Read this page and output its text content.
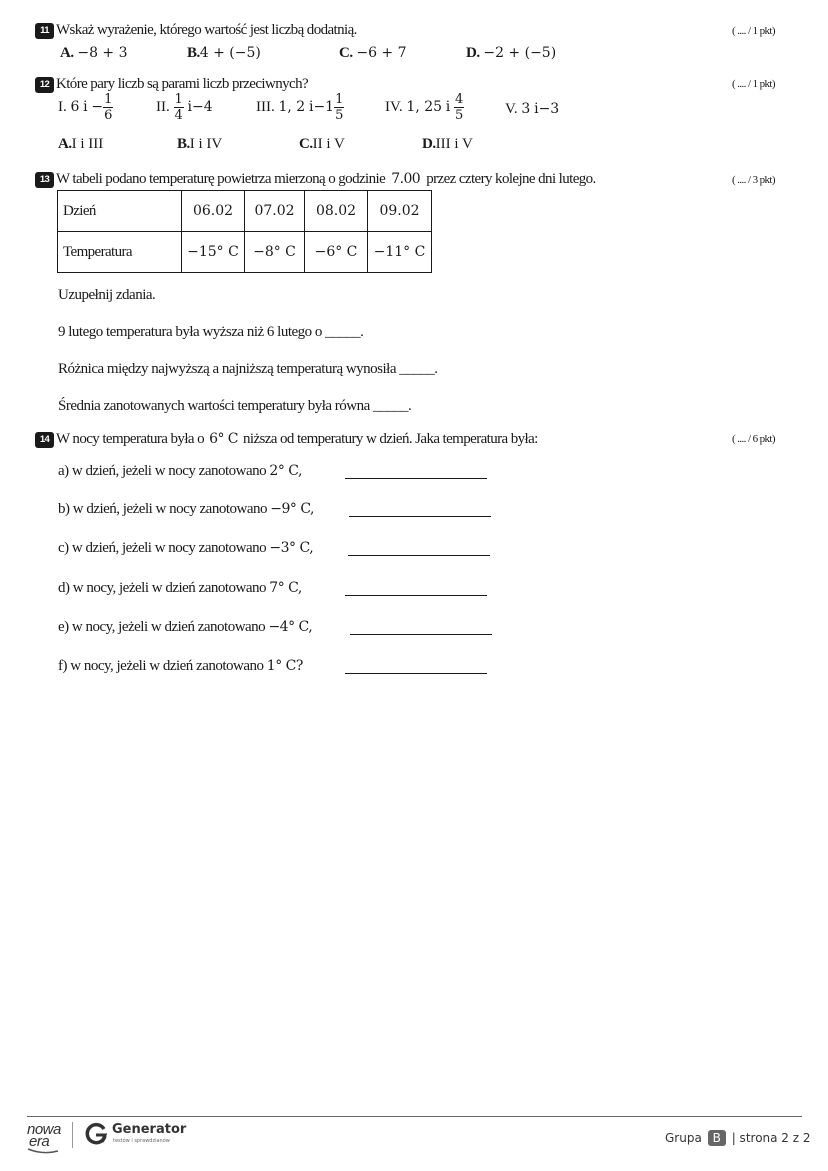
11 Wskaż wyrażenie, którego wartość jest liczbą dodatnią.	( .... / 1 pkt)
A. −8 + 3	B.4 + (−5)	C. −6 + 7	D. −2 + (−5)
12 Które pary liczb są parami liczb przeciwnych?	( .... / 1 pkt)
I. 6 $i - \frac{1}{6}$	II. $\frac{1}{4} i-4$	III. 1, 2 $i-1 \frac{1}{5}$	IV. 1, 25 i $\frac{4}{5}$	V. 3 i−3
A.I i III	B.I i IV	C.II i V	D.III i V
13 W tabeli podano temperaturę powietrza mierzoną o godzinie 7.00 przez cztery kolejne dni lutego.	( .... / 3 pkt)
Dzień	06.02	07.02	08.02	09.02
Temperatura	−15° C	−8° C	−6° C	−11° C
Uzupełnij zdania.
9 lutego temperatura była wyższa niż 6 lutego o _____.
Różnica między najwyższą a najniższą temperaturą wynosiła _____.
Średnia zanotowanych wartości temperatury była równa _____.
14 W nocy temperatura była o 6° C niższa od temperatury w dzień. Jaka temperatura była:	( .... / 6 pkt)
a) w dzień, jeżeli w nocy zanotowano 2° C,
b) w dzień, jeżeli w nocy zanotowano −9° C,
c) w dzień, jeżeli w nocy zanotowano −3° C,
d) w nocy, jeżeli w dzień zanotowano 7° C,
e) w nocy, jeżeli w dzień zanotowano −4° C,
f) w nocy, jeżeli w dzień zanotowano 1° C?
nowa
era
Generator
testów i sprawdzianów	Grupa B | strona 2 z 2
